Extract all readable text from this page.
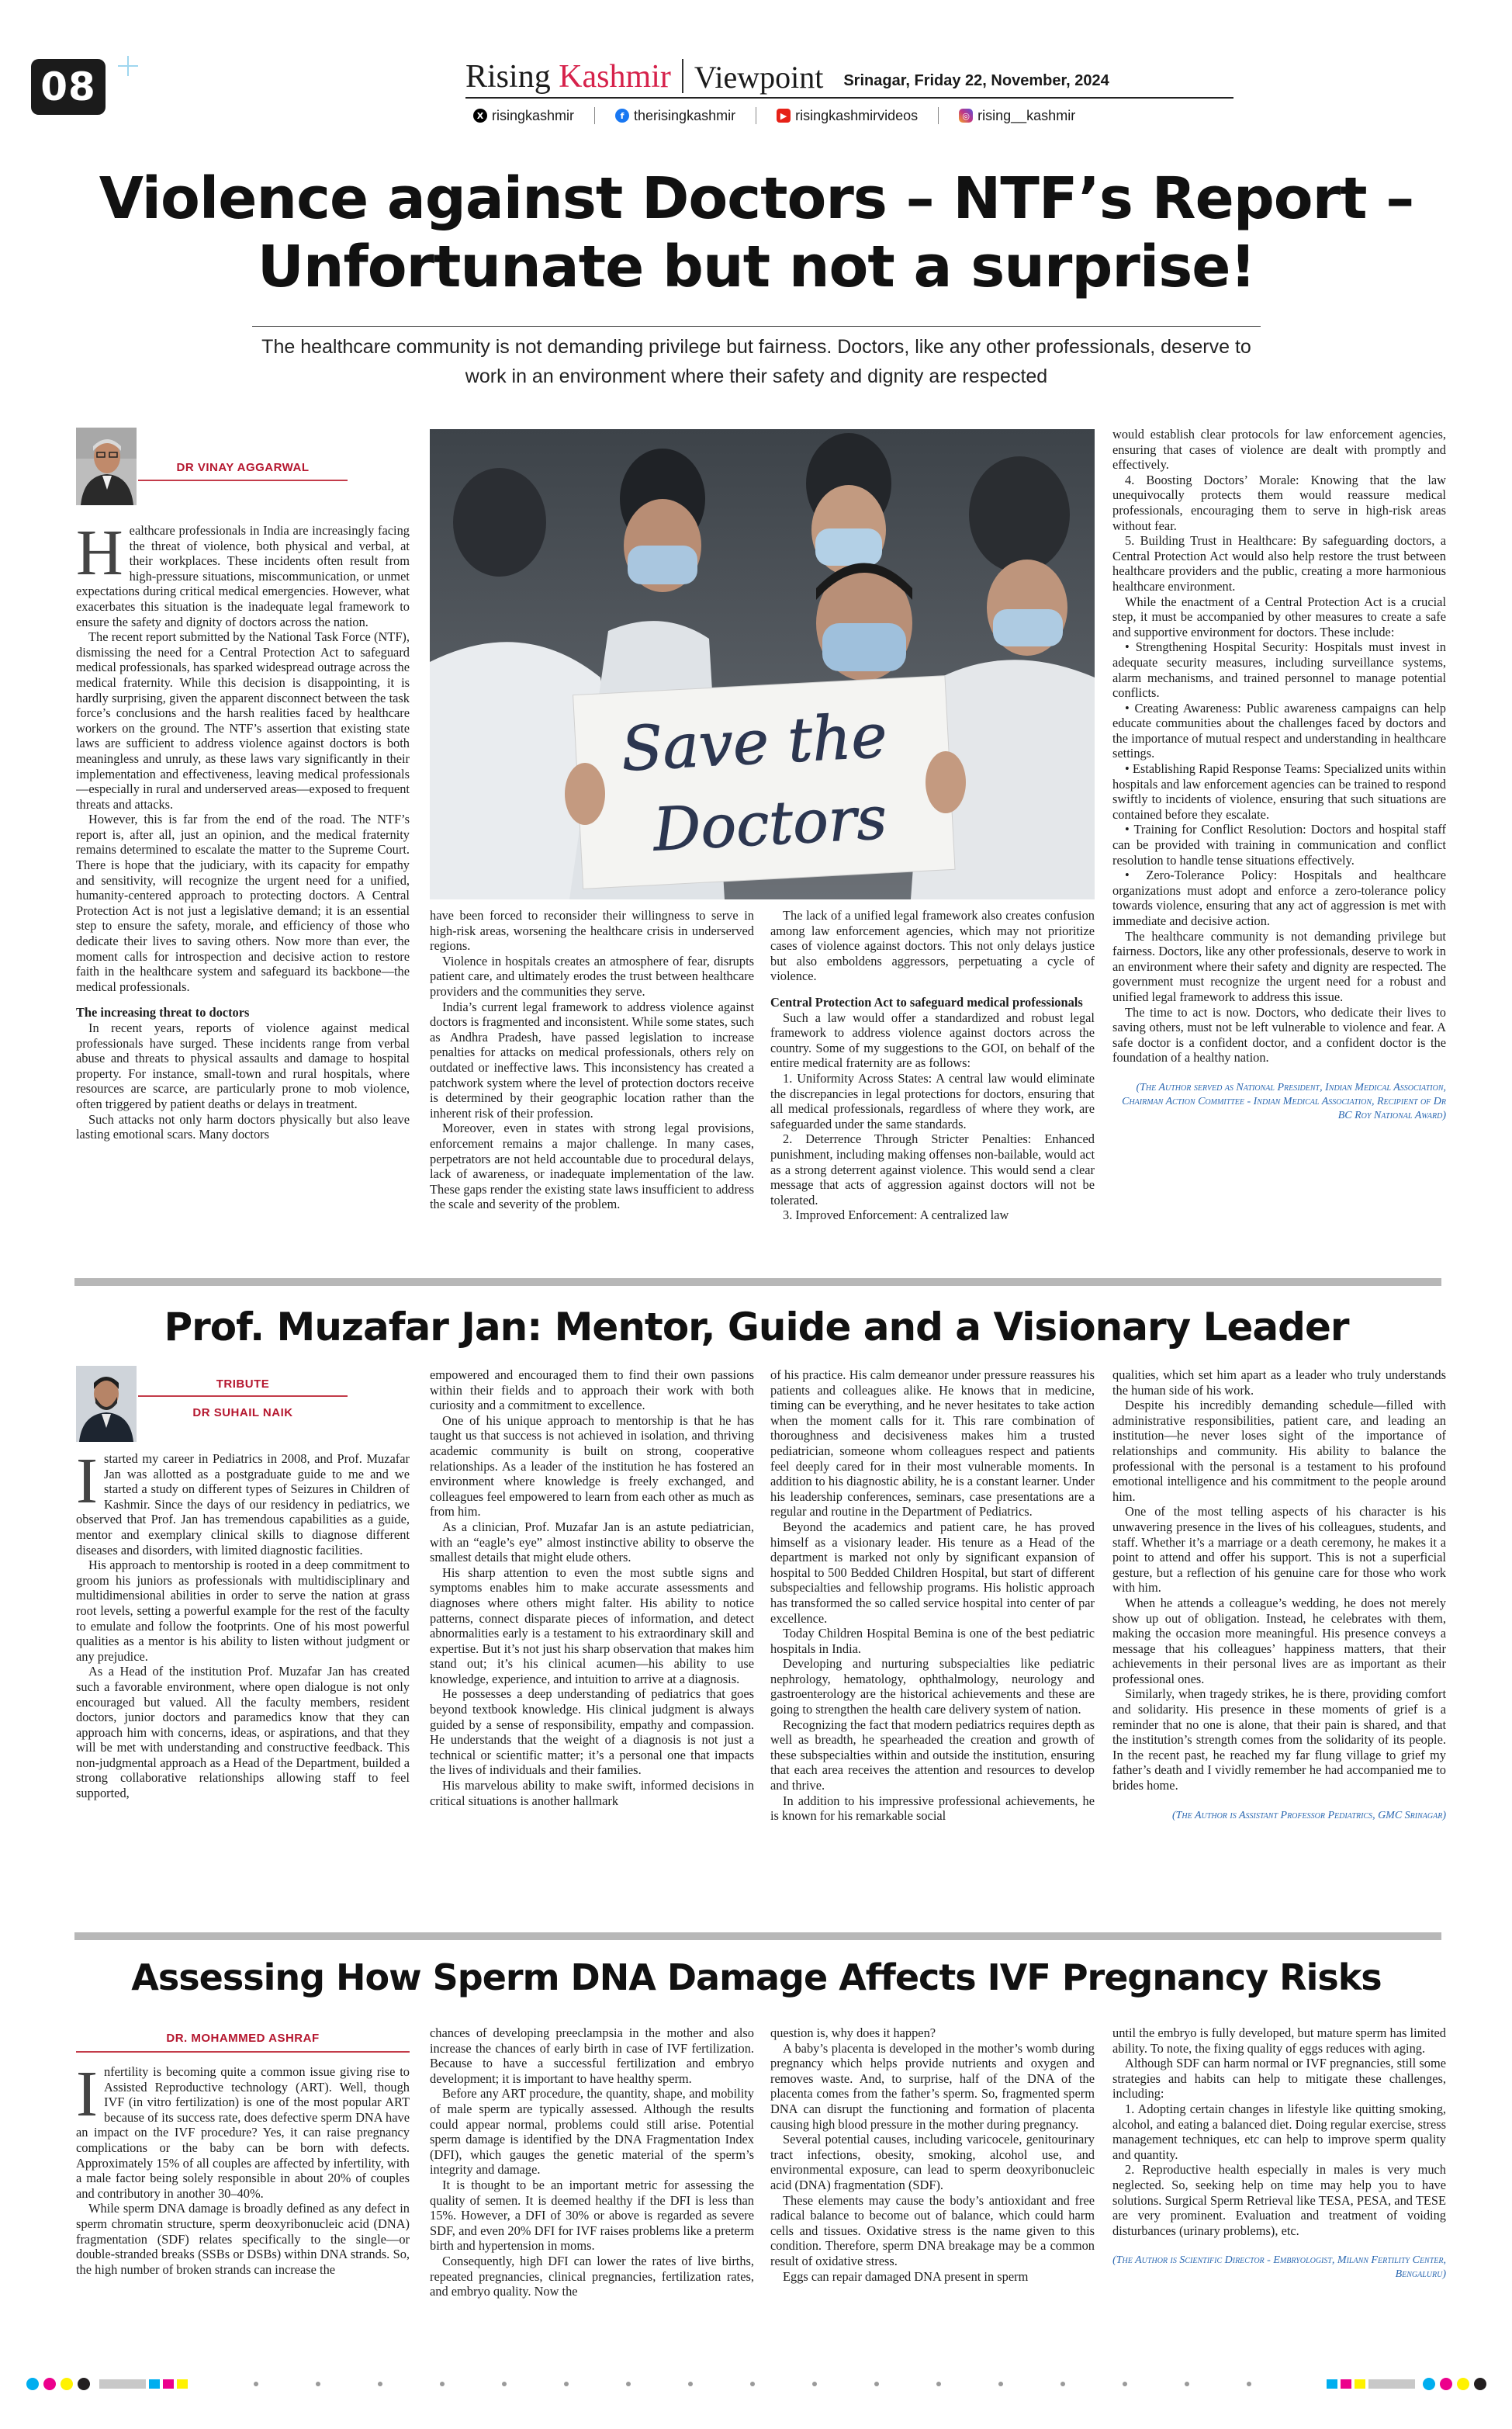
08	Rising Kashmir Viewpoint Srinagar, Friday 22, November, 2024
X risingkashmir	f therisingkashmir	▶ risingkashmirvideos	◎ rising__kashmir
Violence against Doctors – NTF’s Report –
Unfortunate but not a surprise!
The healthcare community is not demanding privilege but fairness. Doctors, like any other professionals, deserve to work in an environment where their safety and dignity are respected
DR VINAY AGGARWAL
H ealthcare professionals in India are increasingly facing the threat of violence, both physical and verbal, at their workplaces. These incidents often result from high-pressure situations, miscommunication, or unmet expectations during critical medical emergencies. However, what exacerbates this situation is the inadequate legal framework to ensure the safety and dignity of doctors across the nation.

The recent report submitted by the National Task Force (NTF), dismissing the need for a Central Protection Act to safeguard medical professionals, has sparked widespread outrage across the medical fraternity. While this decision is disappointing, it is hardly surprising, given the apparent disconnect between the task force’s conclusions and the harsh realities faced by healthcare workers on the ground. The NTF’s assertion that existing state laws are sufficient to address violence against doctors is both meaningless and unruly, as these laws vary significantly in their implementation and effectiveness, leaving medical professionals—especially in rural and underserved areas—exposed to frequent threats and attacks.

However, this is far from the end of the road. The NTF’s report is, after all, just an opinion, and the medical fraternity remains determined to escalate the matter to the Supreme Court. There is hope that the judiciary, with its capacity for empathy and sensitivity, will recognize the urgent need for a unified, humanity-centered approach to protecting doctors. A Central Protection Act is not just a legislative demand; it is an essential step to ensure the safety, morale, and efficiency of those who dedicate their lives to saving others. Now more than ever, the moment calls for introspection and decisive action to restore faith in the healthcare system and safeguard its backbone—the medical professionals.

The increasing threat to doctors

In recent years, reports of violence against medical professionals have surged. These incidents range from verbal abuse and threats to physical assaults and damage to hospital property. For instance, small-town and rural hospitals, where resources are scarce, are particularly prone to mob violence, often triggered by patient deaths or delays in treatment.

Such attacks not only harm doctors physically but also leave lasting emotional scars. Many doctors

Save the
Doctors

have been forced to reconsider their willingness to serve in high-risk areas, worsening the healthcare crisis in underserved regions.

Violence in hospitals creates an atmosphere of fear, disrupts patient care, and ultimately erodes the trust between healthcare providers and the communities they serve.

India’s current legal framework to address violence against doctors is fragmented and inconsistent. While some states, such as Andhra Pradesh, have passed legislation to increase penalties for attacks on medical professionals, others rely on outdated or ineffective laws. This inconsistency has created a patchwork system where the level of protection doctors receive is determined by their geographic location rather than the inherent risk of their profession.

Moreover, even in states with strong legal provisions, enforcement remains a major challenge. In many cases, perpetrators are not held accountable due to procedural delays, lack of awareness, or inadequate implementation of the law. These gaps render the existing state laws insufficient to address the scale and severity of the problem.

The lack of a unified legal framework also creates confusion among law enforcement agencies, which may not prioritize cases of violence against doctors. This not only delays justice but also emboldens aggressors, perpetuating a cycle of violence.

Central Protection Act to safeguard medical professionals

Such a law would offer a standardized and robust legal framework to address violence against doctors across the country. Some of my suggestions to the GOI, on behalf of the entire medical fraternity are as follows:

1. Uniformity Across States: A central law would eliminate the discrepancies in legal protections for doctors, ensuring that all medical professionals, regardless of where they work, are safeguarded under the same standards.

2. Deterrence Through Stricter Penalties: Enhanced punishment, including making offenses non-bailable, would act as a strong deterrent against violence. This would send a clear message that acts of aggression against doctors will not be tolerated.

3. Improved Enforcement: A centralized law

would establish clear protocols for law enforcement agencies, ensuring that cases of violence are dealt with promptly and effectively.

4. Boosting Doctors’ Morale: Knowing that the law unequivocally protects them would reassure medical professionals, encouraging them to serve in high-risk areas without fear.

5. Building Trust in Healthcare: By safeguarding doctors, a Central Protection Act would also help restore the trust between healthcare providers and the public, creating a more harmonious healthcare environment.

While the enactment of a Central Protection Act is a crucial step, it must be accompanied by other measures to create a safe and supportive environment for doctors. These include:

• Strengthening Hospital Security: Hospitals must invest in adequate security measures, including surveillance systems, alarm mechanisms, and trained personnel to manage potential conflicts.

• Creating Awareness: Public awareness campaigns can help educate communities about the challenges faced by doctors and the importance of mutual respect and understanding in healthcare settings.

• Establishing Rapid Response Teams: Specialized units within hospitals and law enforcement agencies can be trained to respond swiftly to incidents of violence, ensuring that such situations are contained before they escalate.

• Training for Conflict Resolution: Doctors and hospital staff can be provided with training in communication and conflict resolution to handle tense situations effectively.

• Zero-Tolerance Policy: Hospitals and healthcare organizations must adopt and enforce a zero-tolerance policy towards violence, ensuring that any act of aggression is met with immediate and decisive action.

The healthcare community is not demanding privilege but fairness. Doctors, like any other professionals, deserve to work in an environment where their safety and dignity are respected. The government must recognize the urgent need for a robust and unified legal framework to address this issue.

The time to act is now. Doctors, who dedicate their lives to saving others, must not be left vulnerable to violence and fear. A safe doctor is a confident doctor, and a confident doctor is the foundation of a healthy nation.

(The Author served as National President, Indian Medical Association, Chairman Action Committee - Indian Medical Association, Recipient of Dr BC Roy National Award)

Prof. Muzafar Jan: Mentor, Guide and a Visionary Leader
TRIBUTE
DR SUHAIL NAIK
I started my career in Pediatrics in 2008, and Prof. Muzafar Jan was allotted as a postgraduate guide to me and we started a study on different types of Seizures in Children of Kashmir. Since the days of our residency in pediatrics, we observed that Prof. Jan has tremendous capabilities as a guide, mentor and exemplary clinical skills to diagnose different diseases and disorders, with limited diagnostic facilities.

His approach to mentorship is rooted in a deep commitment to groom his juniors as professionals with multidisciplinary and multidimensional abilities in order to serve the nation at grass root levels, setting a powerful example for the rest of the faculty to emulate and follow the footprints. One of his most powerful qualities as a mentor is his ability to listen without judgment or any prejudice.

As a Head of the institution Prof. Muzafar Jan has created such a favorable environment, where open dialogue is not only encouraged but valued. All the faculty members, resident doctors, junior doctors and paramedics know that they can approach him with concerns, ideas, or aspirations, and that they will be met with understanding and constructive feedback. This non-judgmental approach as a Head of the Department, builded a strong collaborative relationships allowing staff to feel supported,

empowered and encouraged them to find their own passions within their fields and to approach their work with both curiosity and a commitment to excellence.

One of his unique approach to mentorship is that he has taught us that success is not achieved in isolation, and thriving academic community is built on strong, cooperative relationships. As a leader of the institution he has fostered an environment where knowledge is freely exchanged, and colleagues feel empowered to learn from each other as much as from him.

As a clinician, Prof. Muzafar Jan is an astute pediatrician, with an “eagle’s eye” almost instinctive ability to observe the smallest details that might elude others.

His sharp attention to even the most subtle signs and symptoms enables him to make accurate assessments and diagnoses where others might falter. His ability to notice patterns, connect disparate pieces of information, and detect abnormalities early is a testament to his extraordinary skill and expertise. But it’s not just his sharp observation that makes him stand out; it’s his clinical acumen—his ability to use knowledge, experience, and intuition to arrive at a diagnosis.

He possesses a deep understanding of pediatrics that goes beyond textbook knowledge. His clinical judgment is always guided by a sense of responsibility, empathy and compassion. He understands that the weight of a diagnosis is not just a technical or scientific matter; it’s a personal one that impacts the lives of individuals and their families.

His marvelous ability to make swift, informed decisions in critical situations is another hallmark

of his practice. His calm demeanor under pressure reassures his patients and colleagues alike. He knows that in medicine, timing can be everything, and he never hesitates to take action when the moment calls for it. This rare combination of thoroughness and decisiveness makes him a trusted pediatrician, someone whom colleagues respect and patients feel deeply cared for in their most vulnerable moments. In addition to his diagnostic ability, he is a constant learner. Under his leadership conferences, seminars, case presentations are a regular and routine in the Department of Pediatrics.

Beyond the academics and patient care, he has proved himself as a visionary leader. His tenure as a Head of the department is marked not only by significant expansion of hospital to 500 Bedded Children Hospital, but start of different subspecialties and fellowship programs. His holistic approach has transformed the so called service hospital into center of par excellence.

Today Children Hospital Bemina is one of the best pediatric hospitals in India.

Developing and nurturing subspecialties like pediatric nephrology, hematology, ophthalmology, neurology and gastroenterology are the historical achievements and these are going to strengthen the health care delivery system of nation.

Recognizing the fact that modern pediatrics requires depth as well as breadth, he spearheaded the creation and growth of these subspecialties within and outside the institution, ensuring that each area receives the attention and resources to develop and thrive.

In addition to his impressive professional achievements, he is known for his remarkable social

qualities, which set him apart as a leader who truly understands the human side of his work.

Despite his incredibly demanding schedule—filled with administrative responsibilities, patient care, and leading an institution—he never loses sight of the importance of relationships and community. His ability to balance the professional with the personal is a testament to his profound emotional intelligence and his commitment to the people around him.

One of the most telling aspects of his character is his unwavering presence in the lives of his colleagues, students, and staff. Whether it’s a marriage or a death ceremony, he makes it a point to attend and offer his support. This is not a superficial gesture, but a reflection of his genuine care for those who work with him.

When he attends a colleague’s wedding, he does not merely show up out of obligation. Instead, he celebrates with them, making the occasion more meaningful. His presence conveys a message that his colleagues’ happiness matters, that their achievements in their personal lives are as important as their professional ones.

Similarly, when tragedy strikes, he is there, providing comfort and solidarity. His presence in these moments of grief is a reminder that no one is alone, that their pain is shared, and that the institution’s strength comes from the solidarity of its people. In the recent past, he reached my far flung village to grief my father’s death and I vividly remember he had accompanied me to brides home.

(The Author is Assistant Professor Pediatrics, GMC Srinagar)

Assessing How Sperm DNA Damage Affects IVF Pregnancy Risks
DR. MOHAMMED ASHRAF
I nfertility is becoming quite a common issue giving rise to Assisted Reproductive technology (ART). Well, though IVF (in vitro fertilization) is one of the most popular ART because of its success rate, does defective sperm DNA have an impact on the IVF procedure? Yes, it can raise pregnancy complications or the baby can be born with defects. Approximately 15% of all couples are affected by infertility, with a male factor being solely responsible in about 20% of couples and contributory in another 30–40%.

While sperm DNA damage is broadly defined as any defect in sperm chromatin structure, sperm deoxyribonucleic acid (DNA) fragmentation (SDF) relates specifically to the single—or double-stranded breaks (SSBs or DSBs) within DNA strands. So, the high number of broken strands can increase the

chances of developing preeclampsia in the mother and also increase the chances of early birth in case of IVF fertilization. Because to have a successful fertilization and embryo development; it is important to have healthy sperm.

Before any ART procedure, the quantity, shape, and mobility of male sperm are typically assessed. Although the results could appear normal, problems could still arise. Potential sperm damage is identified by the DNA Fragmentation Index (DFI), which gauges the genetic material of the sperm’s integrity and damage.

It is thought to be an important metric for assessing the quality of semen. It is deemed healthy if the DFI is less than 15%. However, a DFI of 30% or above is regarded as severe SDF, and even 20% DFI for IVF raises problems like a preterm birth and hypertension in moms.

Consequently, high DFI can lower the rates of live births, repeated pregnancies, clinical pregnancies, fertilization rates, and embryo quality. Now the

question is, why does it happen?

A baby’s placenta is developed in the mother’s womb during pregnancy which helps provide nutrients and oxygen and removes waste. And, to surprise, half of the DNA of the placenta comes from the father’s sperm. So, fragmented sperm DNA can disrupt the functioning and formation of placenta causing high blood pressure in the mother during pregnancy.

Several potential causes, including varicocele, genitourinary tract infections, obesity, smoking, alcohol use, and environmental exposure, can lead to sperm deoxyribonucleic acid (DNA) fragmentation (SDF).

These elements may cause the body’s antioxidant and free radical balance to become out of balance, which could harm cells and tissues. Oxidative stress is the name given to this condition. Therefore, sperm DNA breakage may be a common result of oxidative stress.

Eggs can repair damaged DNA present in sperm

until the embryo is fully developed, but mature sperm has limited ability. To note, the fixing quality of eggs reduces with aging.

Although SDF can harm normal or IVF pregnancies, still some strategies and habits can help to mitigate these challenges, including:

1. Adopting certain changes in lifestyle like quitting smoking, alcohol, and eating a balanced diet. Doing regular exercise, stress management techniques, etc can help to improve sperm quality and quantity.

2. Reproductive health especially in males is very much neglected. So, seeking help on time may help you to have solutions. Surgical Sperm Retrieval like TESA, PESA, and TESE are very prominent. Evaluation and treatment of voiding disturbances (urinary problems), etc.

(The Author is Scientific Director - Embryologist, Milann Fertility Center, Bengaluru)
